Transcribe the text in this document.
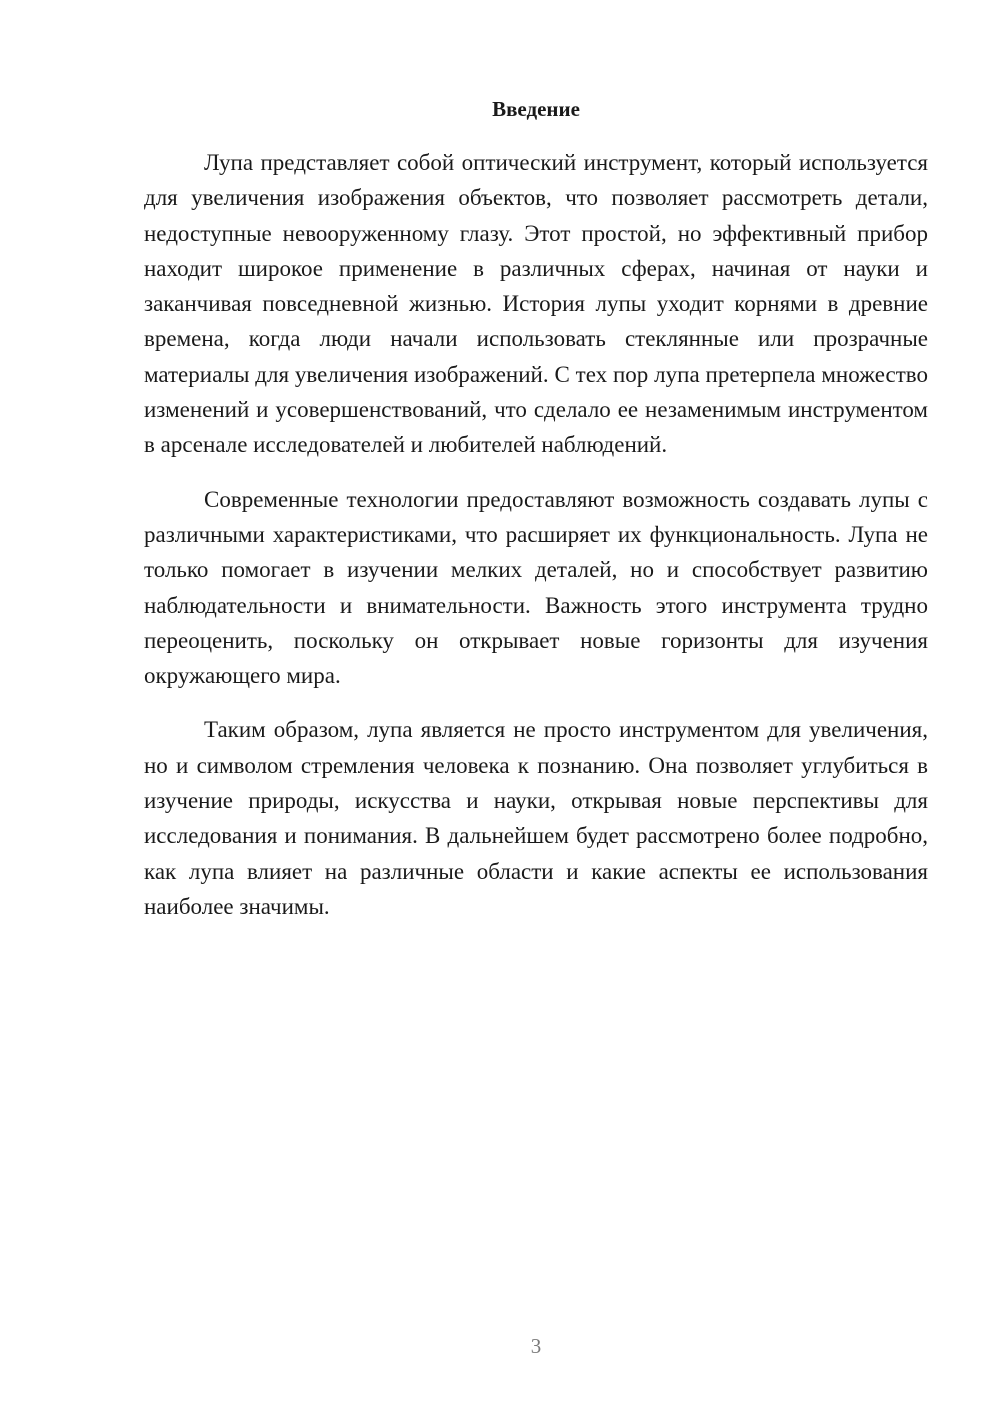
Введение

Лупа представляет собой оптический инструмент, который используется для увеличения изображения объектов, что позволяет рассмотреть детали, недоступные невооруженному глазу. Этот простой, но эффективный прибор находит широкое применение в различных сферах, начиная от науки и заканчивая повседневной жизнью. История лупы уходит корнями в древние времена, когда люди начали использовать стеклянные или прозрачные материалы для увеличения изображений. С тех пор лупа претерпела множество изменений и усовершенствований, что сделало ее незаменимым инструментом в арсенале исследователей и любителей наблюдений.

Современные технологии предоставляют возможность создавать лупы с различными характеристиками, что расширяет их функциональность. Лупа не только помогает в изучении мелких деталей, но и способствует развитию наблюдательности и внимательности. Важность этого инструмента трудно переоценить, поскольку он открывает новые горизонты для изучения окружающего мира.

Таким образом, лупа является не просто инструментом для увеличения, но и символом стремления человека к познанию. Она позволяет углубиться в изучение природы, искусства и науки, открывая новые перспективы для исследования и понимания. В дальнейшем будет рассмотрено более подробно, как лупа влияет на различные области и какие аспекты ее использования наиболее значимы.

3
